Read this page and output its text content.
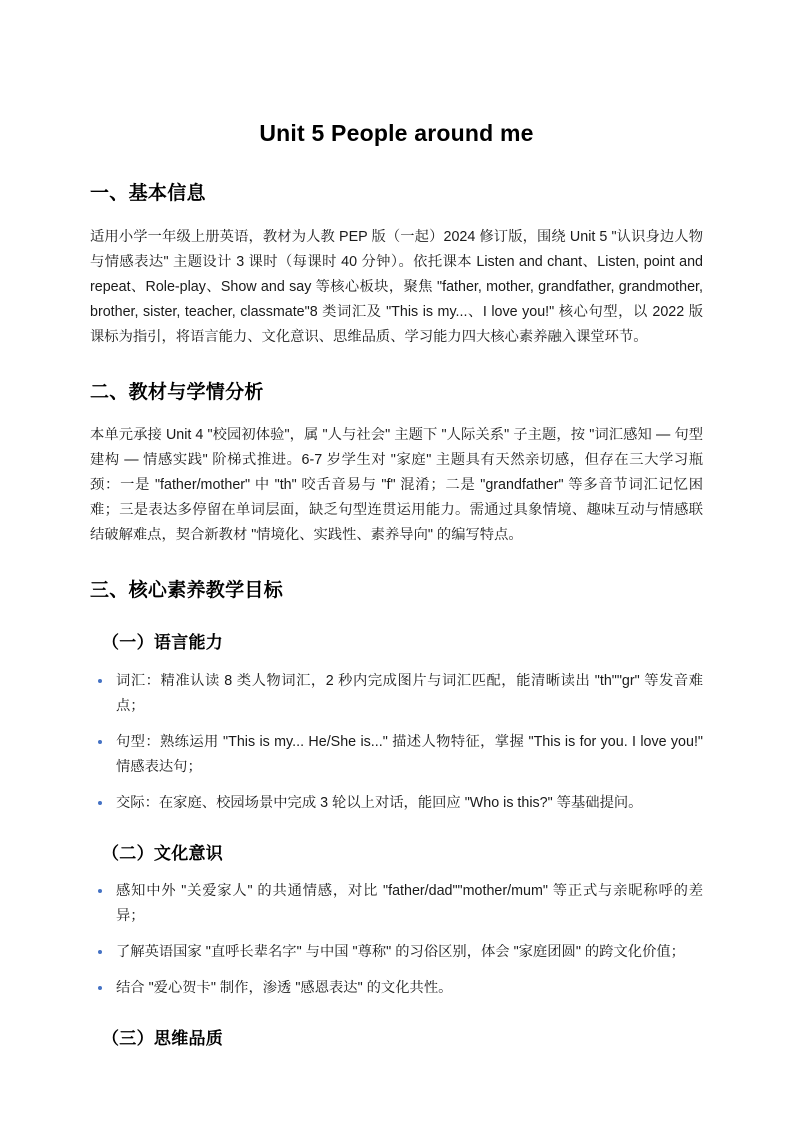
Unit 5 People around me
一、基本信息

适用小学一年级上册英语，教材为人教 PEP 版（一起）2024 修订版，围绕 Unit 5 "认识身边人物与情感表达" 主题设计 3 课时（每课时 40 分钟）。依托课本 Listen and chant、Listen, point and repeat、Role-play、Show and say 等核心板块，聚焦 "father, mother, grandfather, grandmother, brother, sister, teacher, classmate"8 类词汇及 "This is my...、I love you!" 核心句型，以 2022 版课标为指引，将语言能力、文化意识、思维品质、学习能力四大核心素养融入课堂环节。

二、教材与学情分析

本单元承接 Unit 4 "校园初体验"，属 "人与社会" 主题下 "人际关系" 子主题，按 "词汇感知 — 句型建构 — 情感实践" 阶梯式推进。6-7 岁学生对 "家庭" 主题具有天然亲切感，但存在三大学习瓶颈：一是 "father/mother" 中 "th" 咬舌音易与 "f" 混淆；二是 "grandfather" 等多音节词汇记忆困难；三是表达多停留在单词层面，缺乏句型连贯运用能力。需通过具象情境、趣味互动与情感联结破解难点，契合新教材 "情境化、实践性、素养导向" 的编写特点。

三、核心素养教学目标
（一）语言能力
词汇：精准认读 8 类人物词汇，2 秒内完成图片与词汇匹配，能清晰读出 "th""gr" 等发音难点；
句型：熟练运用 "This is my... He/She is..." 描述人物特征，掌握 "This is for you. I love you!" 情感表达句；
交际：在家庭、校园场景中完成 3 轮以上对话，能回应 "Who is this?" 等基础提问。
（二）文化意识
感知中外 "关爱家人" 的共通情感，对比 "father/dad""mother/mum" 等正式与亲昵称呼的差异；
了解英语国家 "直呼长辈名字" 与中国 "尊称" 的习俗区别，体会 "家庭团圆" 的跨文化价值；
结合 "爱心贺卡" 制作，渗透 "感恩表达" 的文化共性。
（三）思维品质
